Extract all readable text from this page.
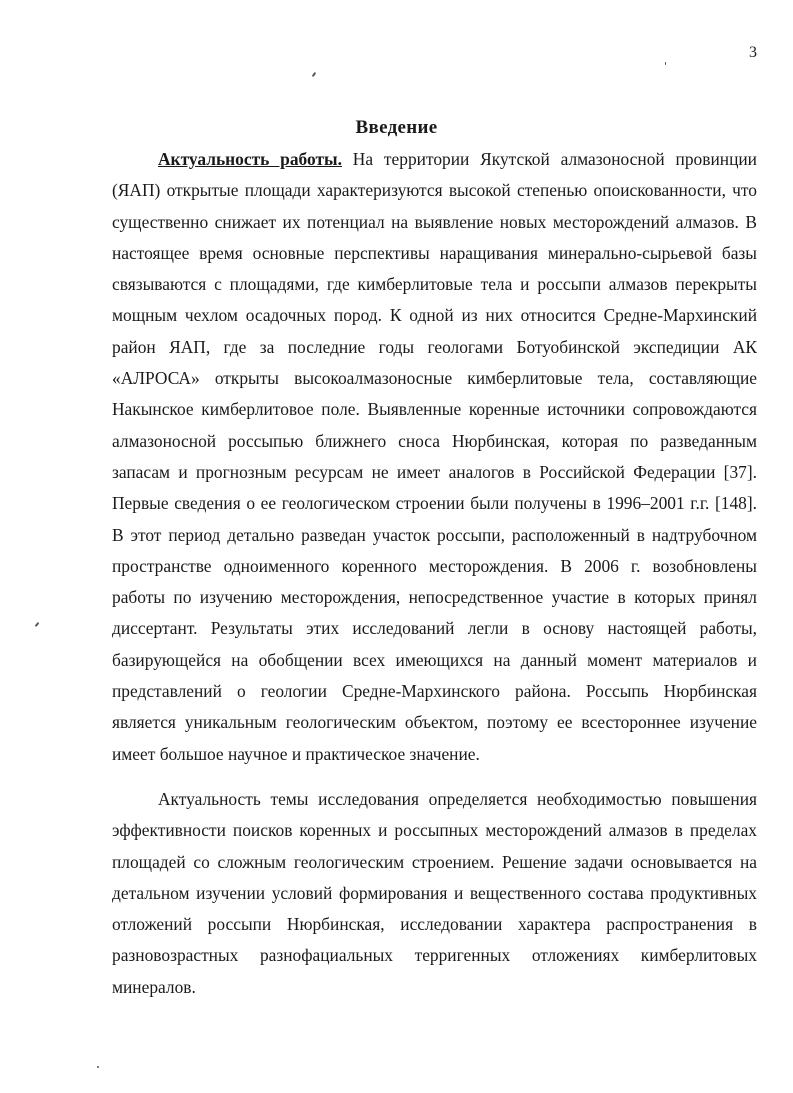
3
Введение

Актуальность работы. На территории Якутской алмазоносной провинции (ЯАП) открытые площади характеризуются высокой степенью опоискованности, что существенно снижает их потенциал на выявление новых месторождений алмазов. В настоящее время основные перспективы наращивания минерально-сырьевой базы связываются с площадями, где кимберлитовые тела и россыпи алмазов перекрыты мощным чехлом осадочных пород. К одной из них относится Средне-Мархинский район ЯАП, где за последние годы геологами Ботуобинской экспедиции АК «АЛРОСА» открыты высокоалмазоносные кимберлитовые тела, составляющие Накынское кимберлитовое поле. Выявленные коренные источники сопровождаются алмазоносной россыпью ближнего сноса Нюрбинская, которая по разведанным запасам и прогнозным ресурсам не имеет аналогов в Российской Федерации [37]. Первые сведения о ее геологическом строении были получены в 1996–2001 г.г. [148]. В этот период детально разведан участок россыпи, расположенный в надтрубочном пространстве одноименного коренного месторождения. В 2006 г. возобновлены работы по изучению месторождения, непосредственное участие в которых принял диссертант. Результаты этих исследований легли в основу настоящей работы, базирующейся на обобщении всех имеющихся на данный момент материалов и представлений о геологии Средне-Мархинского района. Россыпь Нюрбинская является уникальным геологическим объектом, поэтому ее всестороннее изучение имеет большое научное и практическое значение.

Актуальность темы исследования определяется необходимостью повышения эффективности поисков коренных и россыпных месторождений алмазов в пределах площадей со сложным геологическим строением. Решение задачи основывается на детальном изучении условий формирования и вещественного состава продуктивных отложений россыпи Нюрбинская, исследовании характера распространения в разновозрастных разнофациальных терригенных отложениях кимберлитовых минералов.
